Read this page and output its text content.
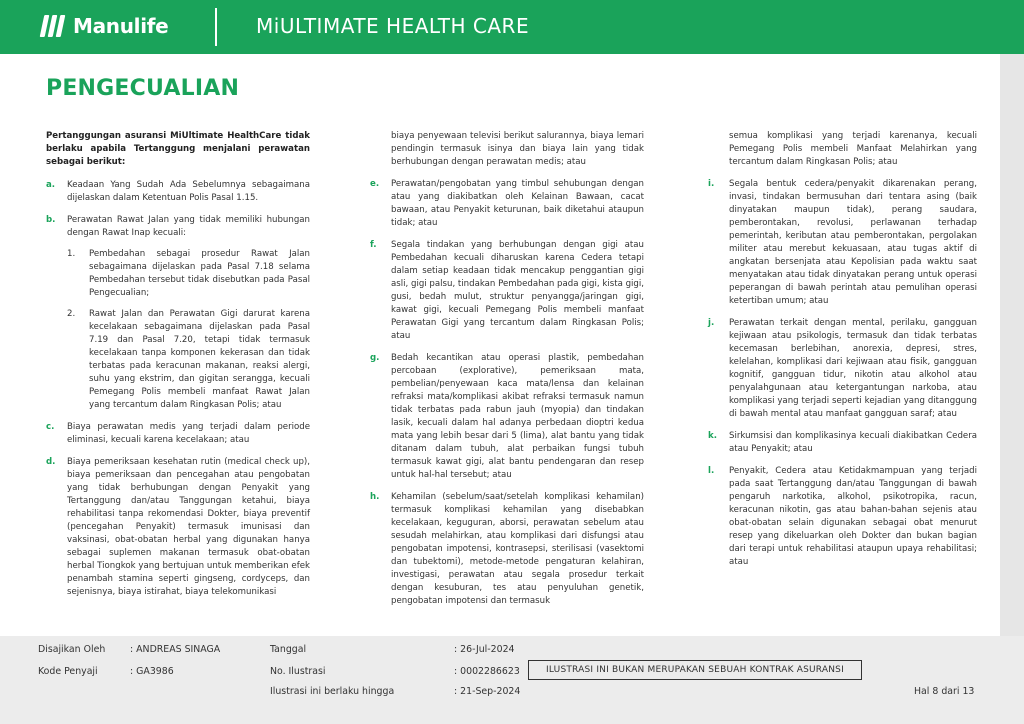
Manulife	MiULTIMATE HEALTH CARE
PENGECUALIAN

Pertanggungan asuransi MiUltimate HealthCare tidak berlaku apabila Tertanggung menjalani perawatan sebagai berikut:

a.	Keadaan Yang Sudah Ada Sebelumnya sebagaimana dijelaskan dalam Ketentuan Polis Pasal 1.15.
b.	Perawatan Rawat Jalan yang tidak memiliki hubungan dengan Rawat Inap kecuali:
1.	Pembedahan sebagai prosedur Rawat Jalan sebagaimana dijelaskan pada Pasal 7.18 selama Pembedahan tersebut tidak disebutkan pada Pasal Pengecualian;
2.	Rawat Jalan dan Perawatan Gigi darurat karena kecelakaan sebagaimana dijelaskan pada Pasal 7.19 dan Pasal 7.20, tetapi tidak termasuk kecelakaan tanpa komponen kekerasan dan tidak terbatas pada keracunan makanan, reaksi alergi, suhu yang ekstrim, dan gigitan serangga, kecuali Pemegang Polis membeli manfaat Rawat Jalan yang tercantum dalam Ringkasan Polis; atau
c.	Biaya perawatan medis yang terjadi dalam periode eliminasi, kecuali karena kecelakaan; atau
d.	Biaya pemeriksaan kesehatan rutin (medical check up), biaya pemeriksaan dan pencegahan atau pengobatan yang tidak berhubungan dengan Penyakit yang Tertanggung dan/atau Tanggungan ketahui, biaya rehabilitasi tanpa rekomendasi Dokter, biaya preventif (pencegahan Penyakit) termasuk imunisasi dan vaksinasi, obat-obatan herbal yang digunakan hanya sebagai suplemen makanan termasuk obat-obatan herbal Tiongkok yang bertujuan untuk memberikan efek penambah stamina seperti gingseng, cordyceps, dan sejenisnya, biaya istirahat, biaya telekomunikasi
biaya penyewaan televisi berikut salurannya, biaya lemari pendingin termasuk isinya dan biaya lain yang tidak berhubungan dengan perawatan medis; atau
e.	Perawatan/pengobatan yang timbul sehubungan dengan atau yang diakibatkan oleh Kelainan Bawaan, cacat bawaan, atau Penyakit keturunan, baik diketahui ataupun tidak; atau
f.	Segala tindakan yang berhubungan dengan gigi atau Pembedahan kecuali diharuskan karena Cedera tetapi dalam setiap keadaan tidak mencakup penggantian gigi asli, gigi palsu, tindakan Pembedahan pada gigi, kista gigi, gusi, bedah mulut, struktur penyangga/jaringan gigi, kawat gigi, kecuali Pemegang Polis membeli manfaat Perawatan Gigi yang tercantum dalam Ringkasan Polis; atau
g.	Bedah kecantikan atau operasi plastik, pembedahan percobaan (explorative), pemeriksaan mata, pembelian/penyewaan kaca mata/lensa dan kelainan refraksi mata/komplikasi akibat refraksi termasuk namun tidak terbatas pada rabun jauh (myopia) dan tindakan lasik, kecuali dalam hal adanya perbedaan dioptri kedua mata yang lebih besar dari 5 (lima), alat bantu yang tidak ditanam dalam tubuh, alat perbaikan fungsi tubuh termasuk kawat gigi, alat bantu pendengaran dan resep untuk hal-hal tersebut; atau
h.	Kehamilan (sebelum/saat/setelah komplikasi kehamilan) termasuk komplikasi kehamilan yang disebabkan kecelakaan, keguguran, aborsi, perawatan sebelum atau sesudah melahirkan, atau komplikasi dari disfungsi atau pengobatan impotensi, kontrasepsi, sterilisasi (vasektomi dan tubektomi), metode-metode pengaturan kelahiran, investigasi, perawatan atau segala prosedur terkait dengan kesuburan, tes atau penyuluhan genetik, pengobatan impotensi dan termasuk
semua komplikasi yang terjadi karenanya, kecuali Pemegang Polis membeli Manfaat Melahirkan yang tercantum dalam Ringkasan Polis; atau
i.	Segala bentuk cedera/penyakit dikarenakan perang, invasi, tindakan bermusuhan dari tentara asing (baik dinyatakan maupun tidak), perang saudara, pemberontakan, revolusi, perlawanan terhadap pemerintah, keributan atau pemberontakan, pergolakan militer atau merebut kekuasaan, atau tugas aktif di angkatan bersenjata atau Kepolisian pada waktu saat menyatakan atau tidak dinyatakan perang untuk operasi peperangan di bawah perintah atau pemulihan operasi ketertiban umum; atau
j.	Perawatan terkait dengan mental, perilaku, gangguan kejiwaan atau psikologis, termasuk dan tidak terbatas kecemasan berlebihan, anorexia, depresi, stres, kelelahan, komplikasi dari kejiwaan atau fisik, gangguan kognitif, gangguan tidur, nikotin atau alkohol atau penyalahgunaan atau ketergantungan narkoba, atau komplikasi yang terjadi seperti kejadian yang ditanggung di bawah mental atau manfaat gangguan saraf; atau
k.	Sirkumsisi dan komplikasinya kecuali diakibatkan Cedera atau Penyakit; atau
l.	Penyakit, Cedera atau Ketidakmampuan yang terjadi pada saat Tertanggung dan/atau Tanggungan di bawah pengaruh narkotika, alkohol, psikotropika, racun, keracunan nikotin, gas atau bahan-bahan sejenis atau obat-obatan selain digunakan sebagai obat menurut resep yang dikeluarkan oleh Dokter dan bukan bagian dari terapi untuk rehabilitasi ataupun upaya rehabilitasi; atau
Disajikan Oleh	: ANDREAS SINAGA
Kode Penyaji	: GA3986
Tanggal	: 26-Jul-2024
No. Ilustrasi	: 0002286623
Ilustrasi ini berlaku hingga	: 21-Sep-2024
ILUSTRASI INI BUKAN MERUPAKAN SEBUAH KONTRAK ASURANSI
Hal 8 dari 13
